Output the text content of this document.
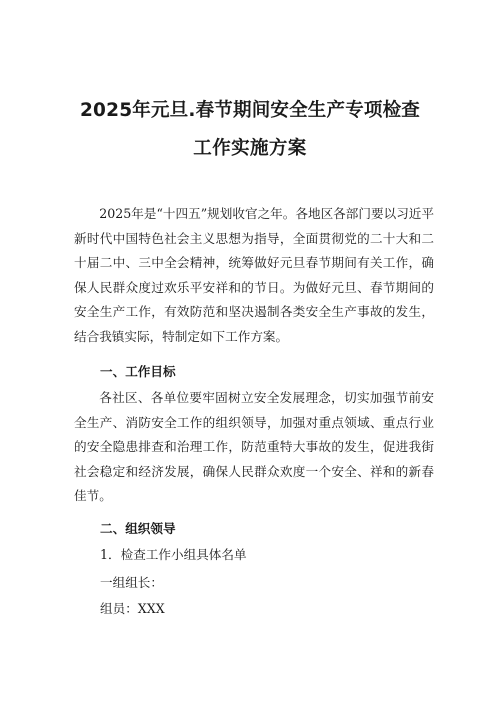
2025年元旦.春节期间安全生产专项检查
工作实施方案

2025年是“十四五”规划收官之年。各地区各部门要以习近平新时代中国特色社会主义思想为指导，全面贯彻党的二十大和二十届二中、三中全会精神，统筹做好元旦春节期间有关工作，确保人民群众度过欢乐平安祥和的节日。为做好元旦、春节期间的安全生产工作，有效防范和坚决遏制各类安全生产事故的发生，结合我镇实际，特制定如下工作方案。

一、工作目标

各社区、各单位要牢固树立安全发展理念，切实加强节前安全生产、消防安全工作的组织领导，加强对重点领域、重点行业的安全隐患排查和治理工作，防范重特大事故的发生，促进我街社会稳定和经济发展，确保人民群众欢度一个安全、祥和的新春佳节。

二、组织领导
1．检查工作小组具体名单
一组组长：
组员：XXX
